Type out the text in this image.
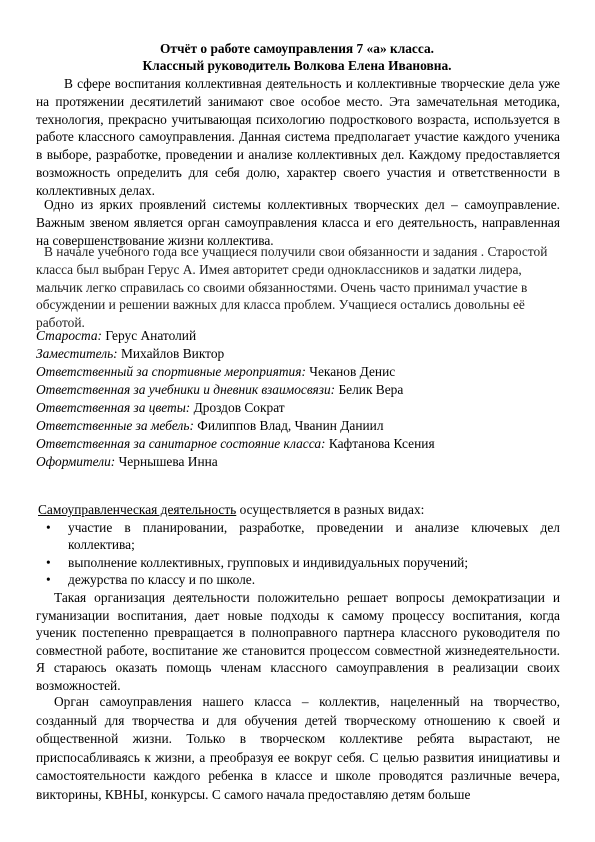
Отчёт о работе самоуправления 7 «а» класса.
Классный руководитель Волкова Елена Ивановна.
В сфере воспитания коллективная деятельность и коллективные творческие дела уже на протяжении десятилетий занимают свое особое место. Эта замечательная методика, технология, прекрасно учитывающая психологию подросткового возраста, используется в работе классного самоуправления. Данная система предполагает участие каждого ученика в выборе, разработке, проведении и анализе коллективных дел. Каждому предоставляется возможность определить для себя долю, характер своего участия и ответственности в коллективных делах.
Одно из ярких проявлений системы коллективных творческих дел – самоуправление. Важным звеном является орган самоуправления класса и его деятельность, направленная на совершенствование жизни коллектива.
В начале учебного года все учащиеся получили свои обязанности и задания . Старостой класса был выбран Герус А. Имея авторитет среди одноклассников и задатки лидера, мальчик легко справилась со своими обязанностями. Очень часто принимал участие в обсуждении и решении важных для класса проблем. Учащиеся остались довольны её работой.
Староста: Герус Анатолий
Заместитель: Михайлов Виктор
Ответственный за спортивные мероприятия: Чеканов Денис
Ответственная за учебники и дневник взаимосвязи: Белик Вера
Ответственная за цветы: Дроздов Сократ
Ответственные за мебель: Филиппов Влад, Чванин Даниил
Ответственная за санитарное состояние класса: Кафтанова Ксения
Оформители: Чернышева Инна
Самоуправленческая деятельность осуществляется в разных видах:
•	участие в планировании, разработке, проведении и анализе ключевых дел коллектива;
•	выполнение коллективных, групповых и индивидуальных поручений;
•	дежурства по классу и по школе.
Такая организация деятельности положительно решает вопросы демократизации и гуманизации воспитания, дает новые подходы к самому процессу воспитания, когда ученик постепенно превращается в полноправного партнера классного руководителя по совместной работе, воспитание же становится процессом совместной жизнедеятельности. Я стараюсь оказать помощь членам классного самоуправления в реализации своих возможностей.
Орган самоуправления нашего класса – коллектив, нацеленный на творчество, созданный для творчества и для обучения детей творческому отношению к своей и общественной жизни. Только в творческом коллективе ребята вырастают, не приспосабливаясь к жизни, а преобразуя ее вокруг себя. С целью развития инициативы и самостоятельности каждого ребенка в классе и школе проводятся различные вечера, викторины, КВНЫ, конкурсы. С самого начала предоставляю детям больше
